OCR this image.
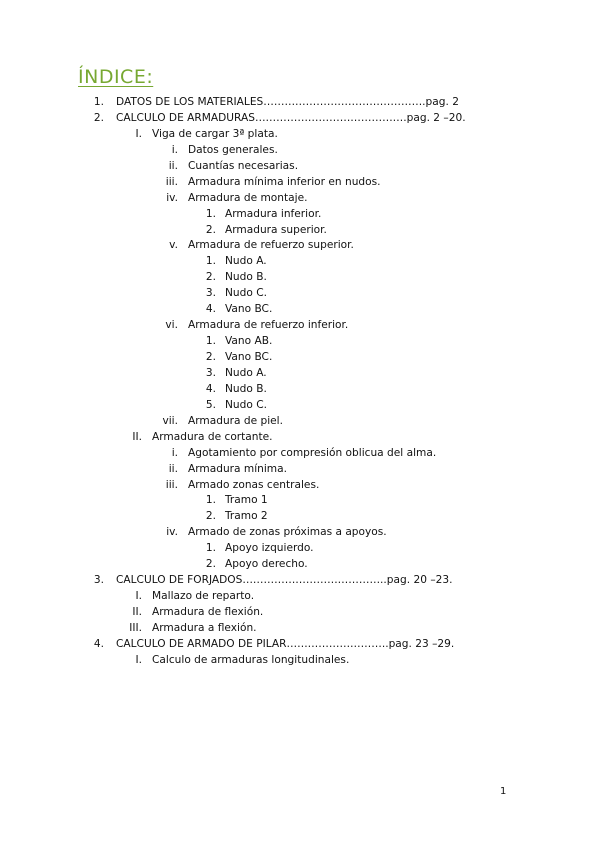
ÍNDICE:
1. DATOS DE LOS MATERIALES……………………………………….pag. 2
2. CALCULO DE ARMADURAS…………………………………….pag. 2 –20.
I. Viga de cargar 3ª plata.
i. Datos generales.
ii. Cuantías necesarias.
iii. Armadura mínima inferior en nudos.
iv. Armadura de montaje.
1. Armadura inferior.
2. Armadura superior.
v. Armadura de refuerzo superior.
1. Nudo A.
2. Nudo B.
3. Nudo C.
4. Vano BC.
vi. Armadura de refuerzo inferior.
1. Vano AB.
2. Vano BC.
3. Nudo A.
4. Nudo B.
5. Nudo C.
vii. Armadura de piel.
II. Armadura de cortante.
i. Agotamiento por compresión oblicua del alma.
ii. Armadura mínima.
iii. Armado zonas centrales.
1. Tramo 1
2. Tramo 2
iv. Armado de zonas próximas a apoyos.
1. Apoyo izquierdo.
2. Apoyo derecho.
3. CALCULO DE FORJADOS…………………………………..pag. 20 –23.
I. Mallazo de reparto.
II. Armadura de flexión.
III. Armadura a flexión.
4. CALCULO DE ARMADO DE PILAR………………………..pag. 23 –29.
I. Calculo de armaduras longitudinales.
1
